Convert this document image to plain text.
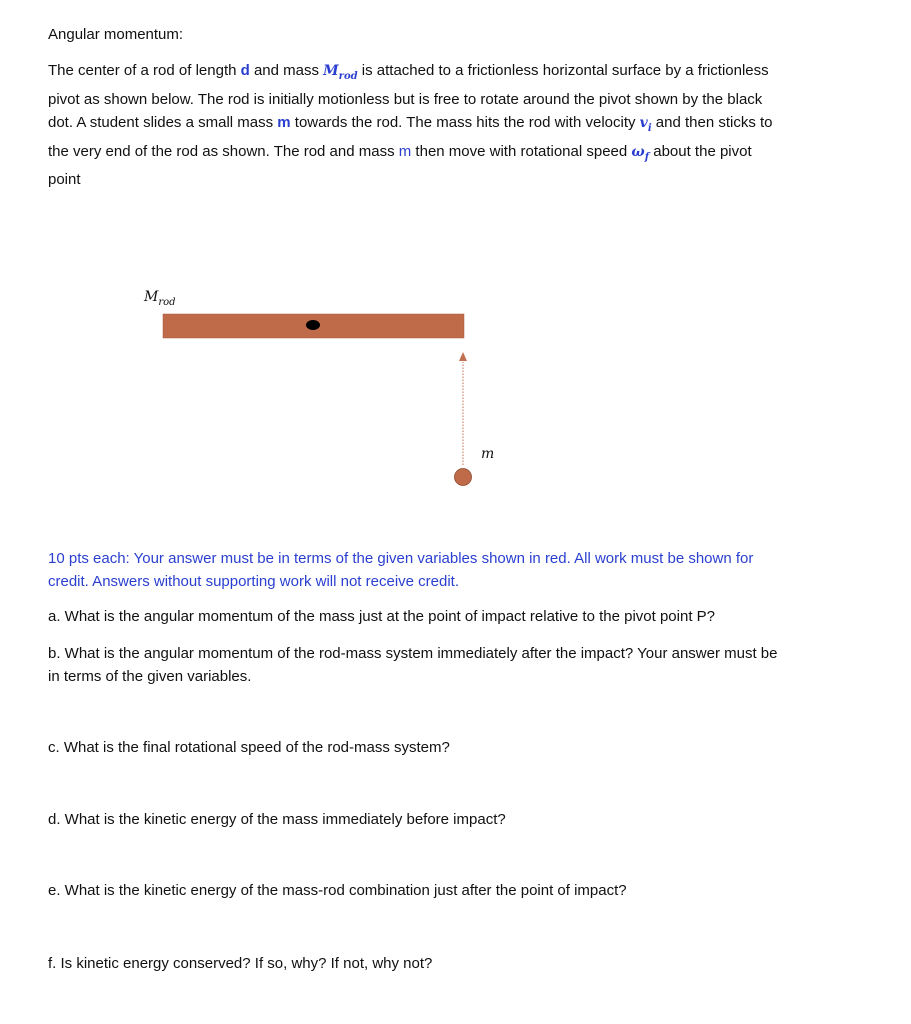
Angular momentum:
The center of a rod of length d and mass $M_{rod}$ is attached to a frictionless horizontal surface by a frictionless pivot as shown below. The rod is initially motionless but is free to rotate around the pivot shown by the black dot. A student slides a small mass m towards the rod. The mass hits the rod with velocity $v_i$ and then sticks to the very end of the rod as shown. The rod and mass m then move with rotational speed $\omega_f$ about the pivot point
$M_{rod}$
m
10 pts each: Your answer must be in terms of the given variables shown in red. All work must be shown for credit. Answers without supporting work will not receive credit.
a. What is the angular momentum of the mass just at the point of impact relative to the pivot point P?
b. What is the angular momentum of the rod-mass system immediately after the impact? Your answer must be in terms of the given variables.
c. What is the final rotational speed of the rod-mass system?
d. What is the kinetic energy of the mass immediately before impact?
e. What is the kinetic energy of the mass-rod combination just after the point of impact?
f. Is kinetic energy conserved? If so, why? If not, why not?
